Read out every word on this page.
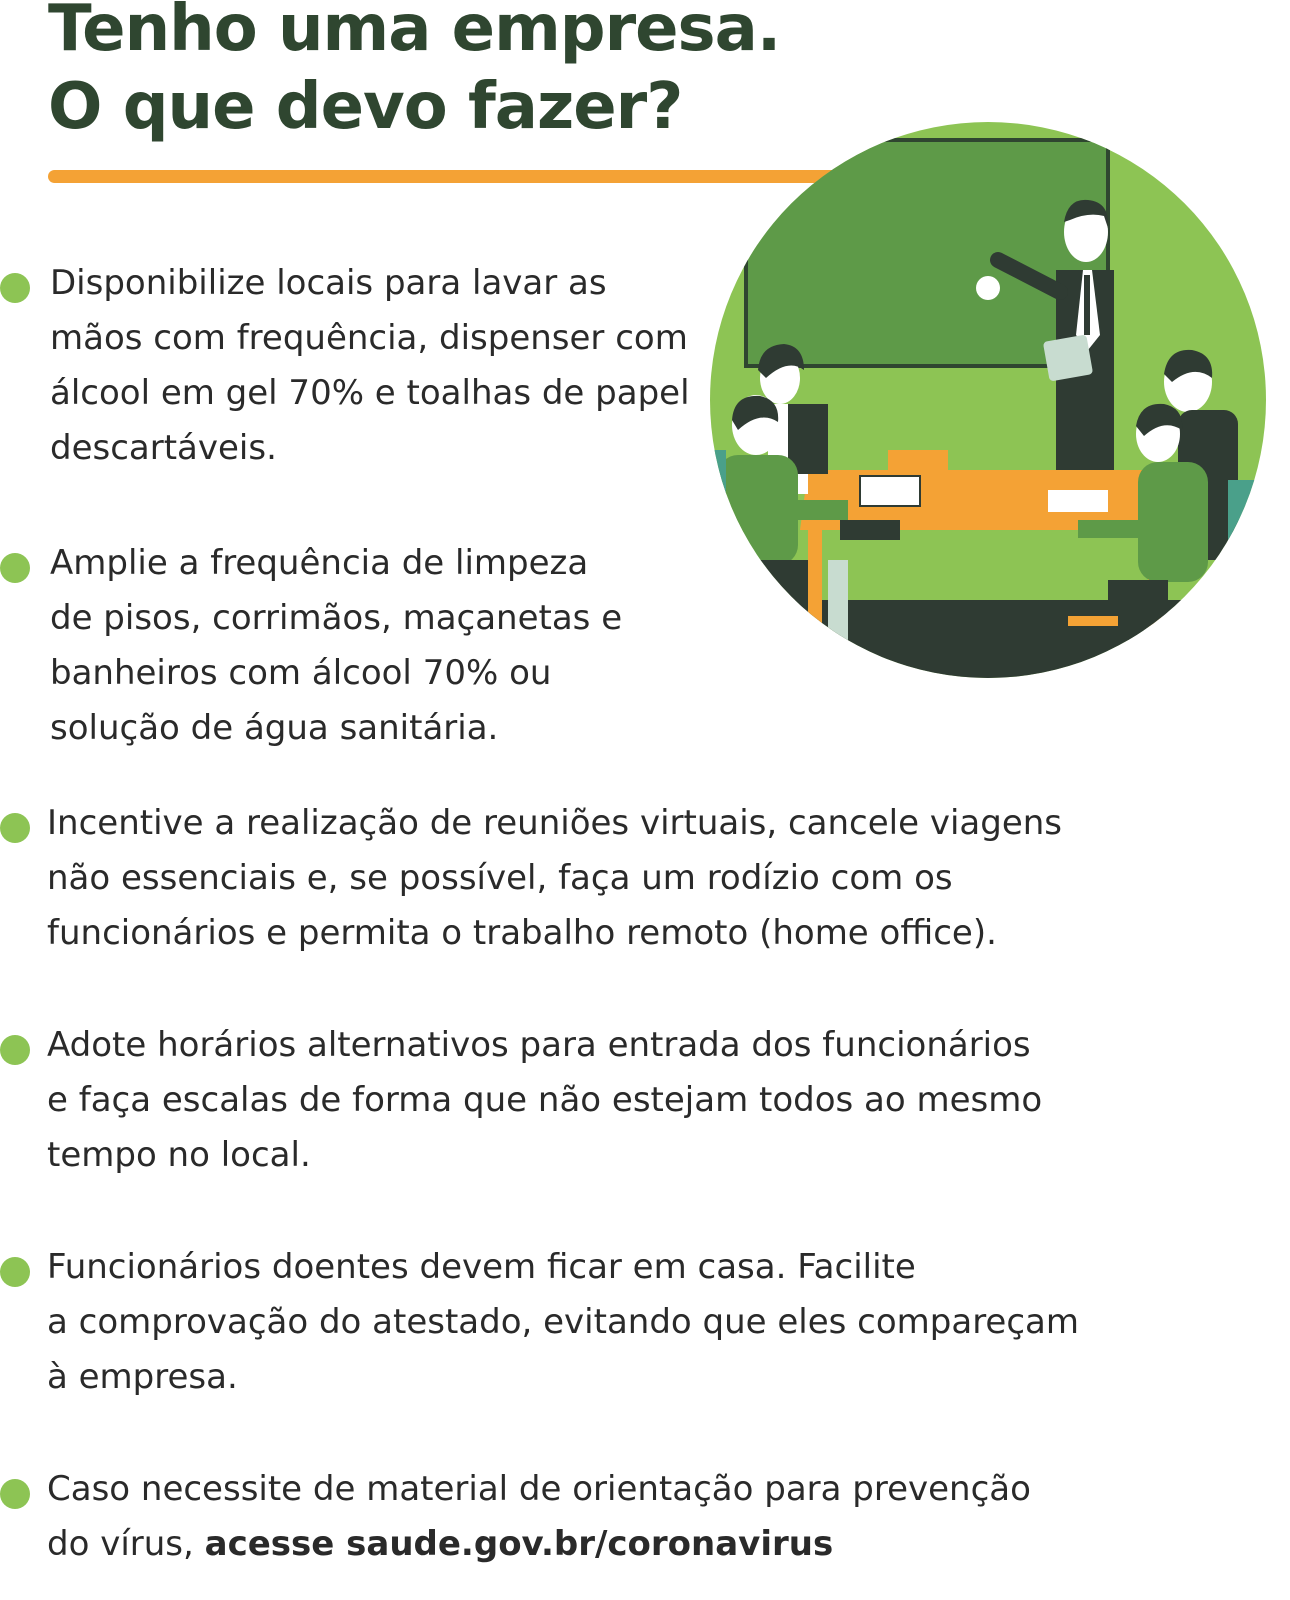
Tenho uma empresa.
O que devo fazer?

Disponibilize locais para lavar as
mãos com frequência, dispenser com
álcool em gel 70% e toalhas de papel
descartáveis.

Amplie a frequência de limpeza
de pisos, corrimãos, maçanetas e
banheiros com álcool 70% ou
solução de água sanitária.

Incentive a realização de reuniões virtuais, cancele viagens
não essenciais e, se possível, faça um rodízio com os
funcionários e permita o trabalho remoto (home office).

Adote horários alternativos para entrada dos funcionários
e faça escalas de forma que não estejam todos ao mesmo
tempo no local.

Funcionários doentes devem ficar em casa. Facilite
a comprovação do atestado, evitando que eles compareçam
à empresa.

Caso necessite de material de orientação para prevenção
do vírus, acesse saude.gov.br/coronavirus
